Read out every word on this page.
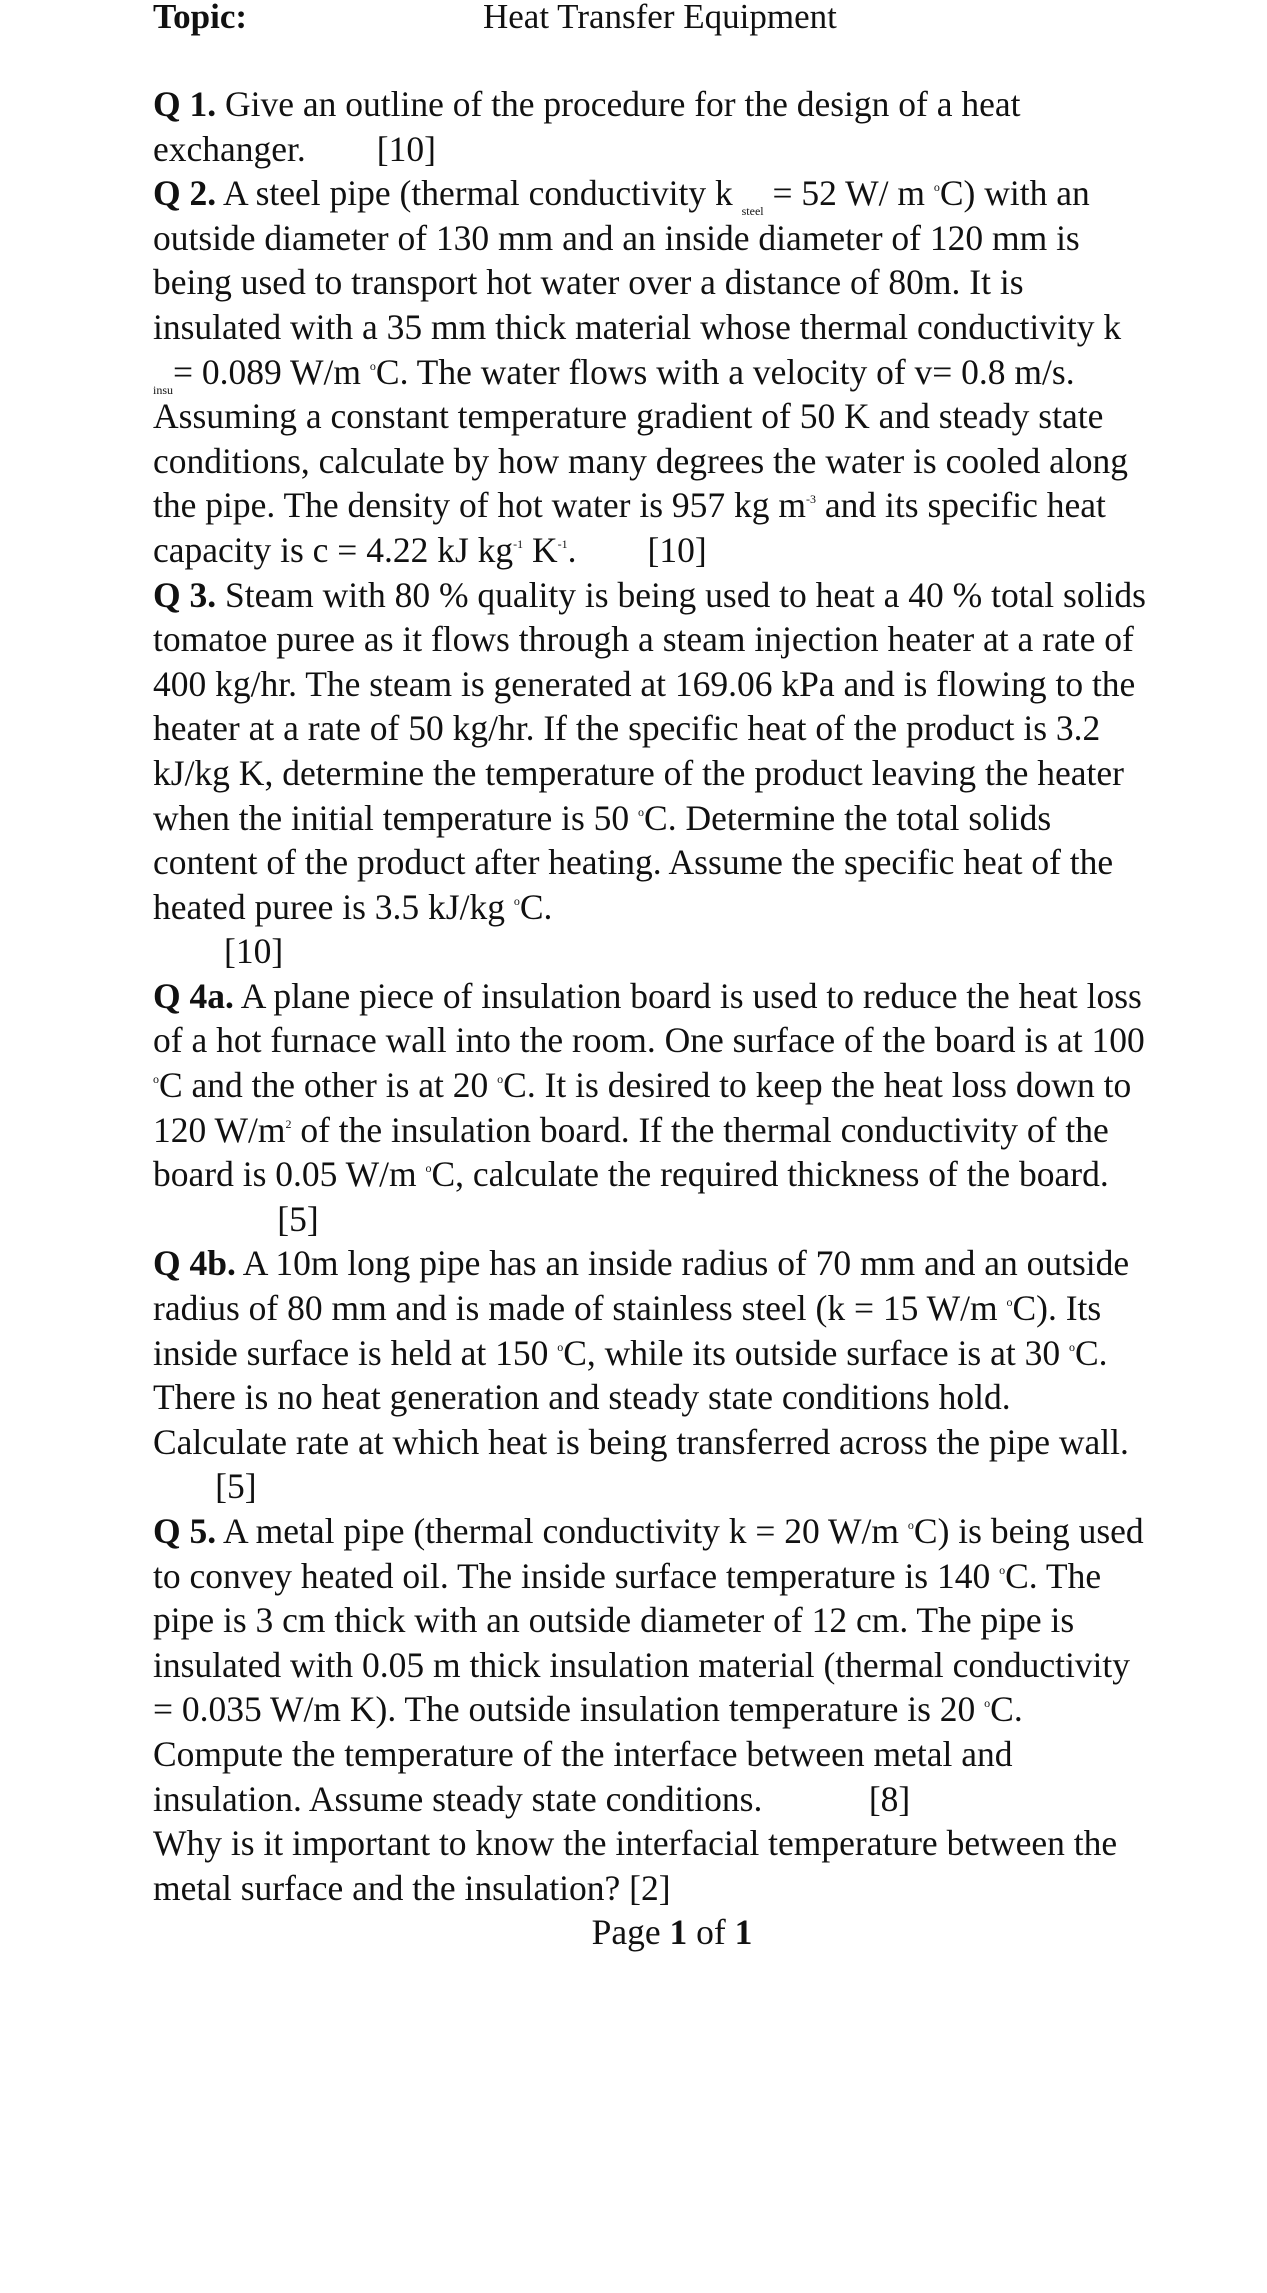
Topic:	Heat Transfer Equipment

Q 1. Give an outline of the procedure for the design of a heat exchanger. [10]

Q 2. A steel pipe (thermal conductivity k $_{steel}$ = 52 W/ m $^o$C) with an outside diameter of 130 mm and an inside diameter of 120 mm is being used to transport hot water over a distance of 80m. It is insulated with a 35 mm thick material whose thermal conductivity k $_{insu}$= 0.089 W/m $^o$C. The water flows with a velocity of v= 0.8 m/s. Assuming a constant temperature gradient of 50 K and steady state conditions, calculate by how many degrees the water is cooled along the pipe. The density of hot water is 957 kg $m^{-3}$ and its specific heat capacity is c = 4.22 kJ $kg^{-1}$ $K^{-1}$. [10]

Q 3. Steam with 80 % quality is being used to heat a 40 % total solids tomatoe puree as it flows through a steam injection heater at a rate of 400 kg/hr. The steam is generated at 169.06 kPa and is flowing to the heater at a rate of 50 kg/hr. If the specific heat of the product is 3.2 kJ/kg K, determine the temperature of the product leaving the heater when the initial temperature is 50 $^o$C. Determine the total solids content of the product after heating. Assume the specific heat of the heated puree is 3.5 kJ/kg $^o$C.
[10]

Q 4a. A plane piece of insulation board is used to reduce the heat loss of a hot furnace wall into the room. One surface of the board is at 100 $^o$C and the other is at 20 $^o$C. It is desired to keep the heat loss down to 120 $W/m^2$ of the insulation board. If the thermal conductivity of the board is 0.05 W/m $^o$C, calculate the required thickness of the board.              [5]

Q 4b. A 10m long pipe has an inside radius of 70 mm and an outside radius of 80 mm and is made of stainless steel (k = 15 W/m $^o$C). Its inside surface is held at 150 $^o$C, while its outside surface is at 30 $^o$C. There is no heat generation and steady state conditions hold. Calculate rate at which heat is being transferred across the pipe wall.       [5]

Q 5. A metal pipe (thermal conductivity k = 20 W/m $^o$C) is being used to convey heated oil. The inside surface temperature is 140 $^o$C. The pipe is 3 cm thick with an outside diameter of 12 cm. The pipe is insulated with 0.05 m thick insulation material (thermal conductivity = 0.035 W/m K). The outside insulation temperature is 20 $^o$C. Compute the temperature of the interface between metal and insulation. Assume steady state conditions.	[8]

Why is it important to know the interfacial temperature between the metal surface and the insulation? [2]

Page 1 of 1
